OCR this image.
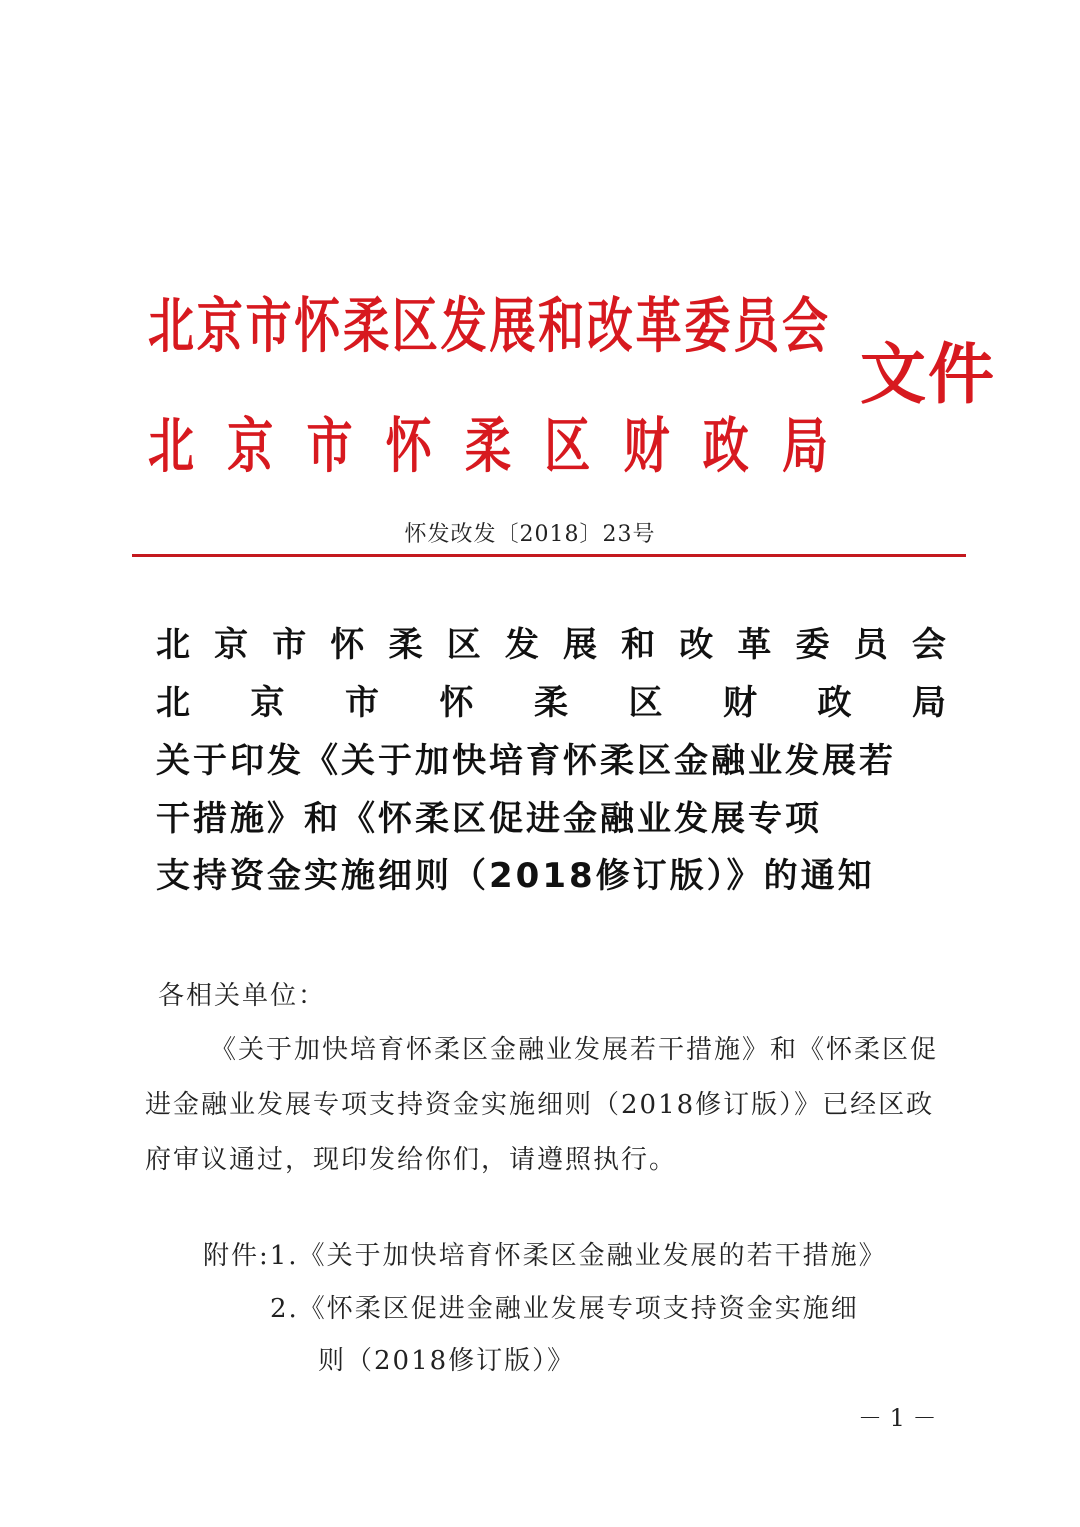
北 京 市 怀 柔 区 发 展 和 改 革 委 员 会
北 京 市 怀 柔 区 财 政 局
文件
怀发改发〔2018〕23号
北 京 市 怀 柔 区 发 展 和 改 革 委 员 会
北 京 市 怀 柔 区 财 政 局
关于印发《关于加快培育怀柔区金融业发展若
干措施》和《怀柔区促进金融业发展专项
支持资金实施细则（2018修订版）》的通知
各相关单位：
《关于加快培育怀柔区金融业发展若干措施》和《怀柔区促
进金融业发展专项支持资金实施细则（2018修订版）》已经区政
府审议通过，现印发给你们，请遵照执行。
附件:1.《关于加快培育怀柔区金融业发展的若干措施》
2.《怀柔区促进金融业发展专项支持资金实施细
则（2018修订版）》
－ 1 －
